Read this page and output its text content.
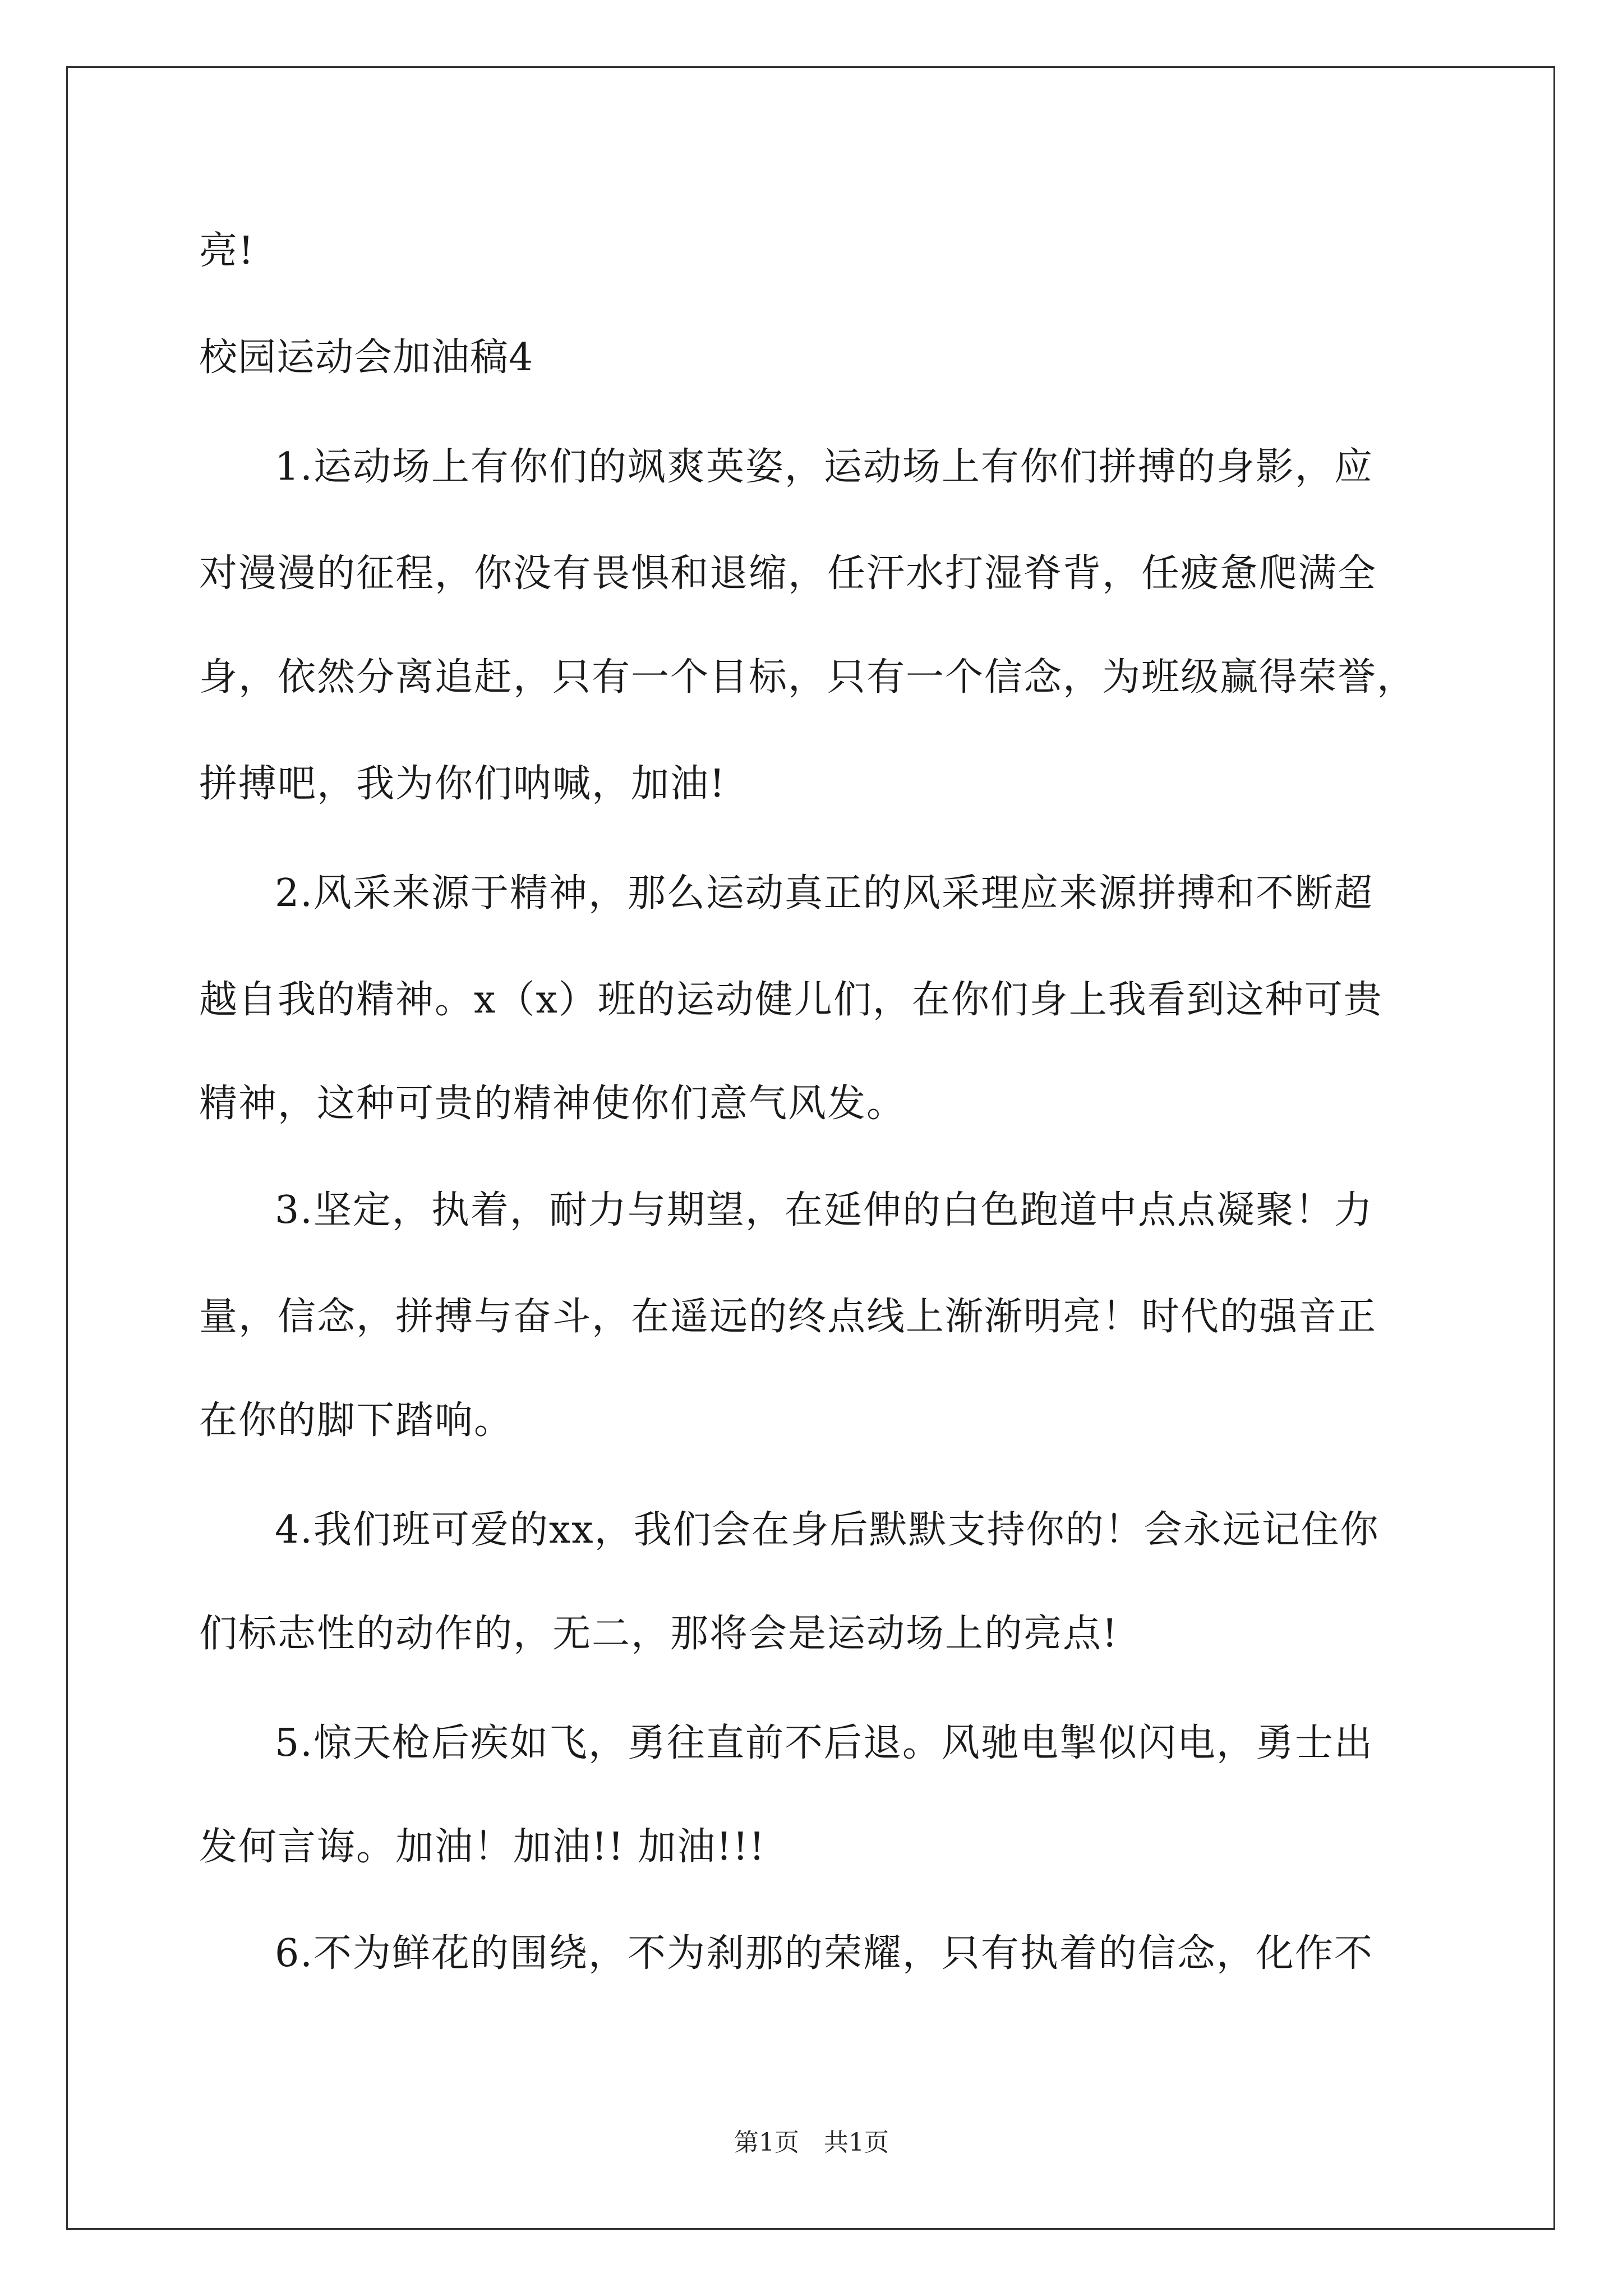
亮!
校园运动会加油稿4
1.运动场上有你们的飒爽英姿，运动场上有你们拼搏的身影，应
对漫漫的征程，你没有畏惧和退缩，任汗水打湿脊背，任疲惫爬满全
身，依然分离追赶，只有一个目标，只有一个信念，为班级赢得荣誉，
拼搏吧，我为你们呐喊，加油!
2.风采来源于精神，那么运动真正的风采理应来源拼搏和不断超
越自我的精神。x（x）班的运动健儿们，在你们身上我看到这种可贵
精神，这种可贵的精神使你们意气风发。
3.坚定，执着，耐力与期望，在延伸的白色跑道中点点凝聚！力
量，信念，拼搏与奋斗，在遥远的终点线上渐渐明亮！时代的强音正
在你的脚下踏响。
4.我们班可爱的xx，我们会在身后默默支持你的！会永远记住你
们标志性的动作的，无二，那将会是运动场上的亮点!
5.惊天枪后疾如飞，勇往直前不后退。风驰电掣似闪电，勇士出
发何言诲。加油！加油!! 加油!!!
6.不为鲜花的围绕，不为刹那的荣耀，只有执着的信念，化作不
第1页　共1页
